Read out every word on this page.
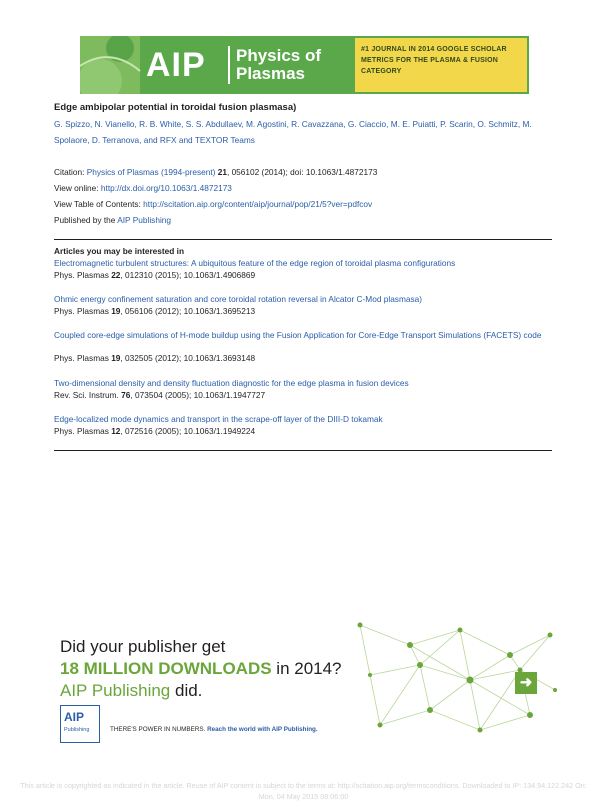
AIP Physics of
Plasmas
#1 JOURNAL IN 2014 GOOGLE SCHOLAR METRICS FOR THE PLASMA & FUSION CATEGORY
Edge ambipolar potential in toroidal fusion plasmasa)
G. Spizzo, N. Vianello, R. B. White, S. S. Abdullaev, M. Agostini, R. Cavazzana, G. Ciaccio, M. E. Puiatti, P. Scarin, O. Schmitz, M. Spolaore, D. Terranova, and RFX and TEXTOR Teams
Citation: Physics of Plasmas (1994-present) 21, 056102 (2014); doi: 10.1063/1.4872173
View online: http://dx.doi.org/10.1063/1.4872173
View Table of Contents: http://scitation.aip.org/content/aip/journal/pop/21/5?ver=pdfcov
Published by the AIP Publishing
Articles you may be interested in
Electromagnetic turbulent structures: A ubiquitous feature of the edge region of toroidal plasma configurations
Phys. Plasmas 22, 012310 (2015); 10.1063/1.4906869
Ohmic energy confinement saturation and core toroidal rotation reversal in Alcator C-Mod plasmasa)
Phys. Plasmas 19, 056106 (2012); 10.1063/1.3695213
Coupled core-edge simulations of H-mode buildup using the Fusion Application for Core-Edge Transport Simulations (FACETS) code
Phys. Plasmas 19, 032505 (2012); 10.1063/1.3693148
Two-dimensional density and density fluctuation diagnostic for the edge plasma in fusion devices
Rev. Sci. Instrum. 76, 073504 (2005); 10.1063/1.1947727
Edge-localized mode dynamics and transport in the scrape-off layer of the DIII-D tokamak
Phys. Plasmas 12, 072516 (2005); 10.1063/1.1949224
Did your publisher get
18 MILLION DOWNLOADS in 2014?
AIP Publishing did.	➜
AIP
Publishing	THERE'S POWER IN NUMBERS. Reach the world with AIP Publishing.
This article is copyrighted as indicated in the article. Reuse of AIP content is subject to the terms at: http://scitation.aip.org/termsconditions. Downloaded to IP: 134.94.122.242 On: Mon, 04 May 2015 08:06:00
